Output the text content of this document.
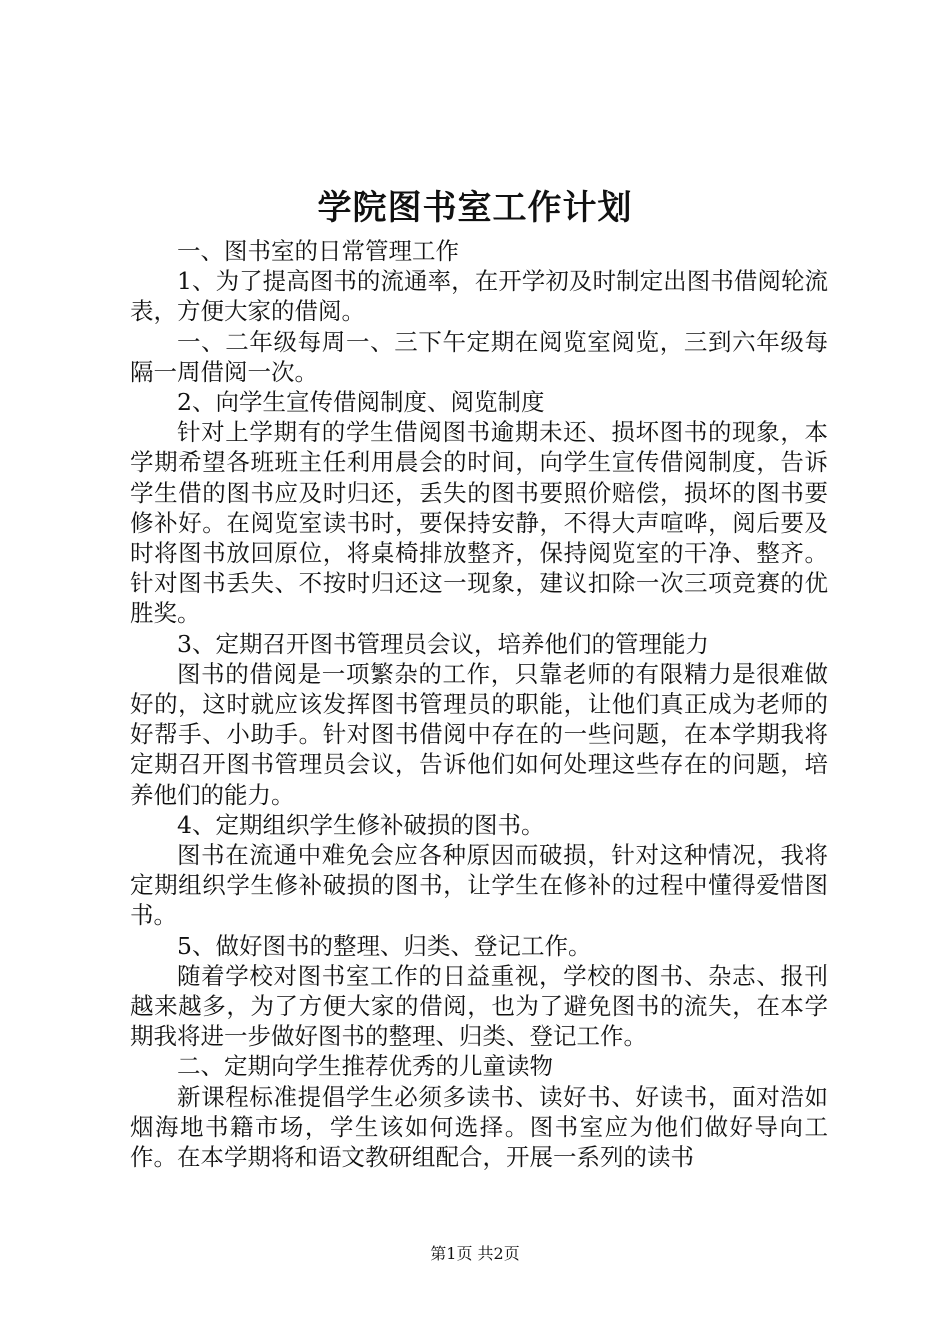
学院图书室工作计划

一、图书室的日常管理工作

1、为了提高图书的流通率，在开学初及时制定出图书借阅轮流表，方便大家的借阅。

一、二年级每周一、三下午定期在阅览室阅览，三到六年级每隔一周借阅一次。

2、向学生宣传借阅制度、阅览制度

针对上学期有的学生借阅图书逾期未还、损坏图书的现象，本学期希望各班班主任利用晨会的时间，向学生宣传借阅制度，告诉学生借的图书应及时归还，丢失的图书要照价赔偿，损坏的图书要修补好。在阅览室读书时，要保持安静，不得大声喧哗，阅后要及时将图书放回原位，将桌椅排放整齐，保持阅览室的干净、整齐。针对图书丢失、不按时归还这一现象，建议扣除一次三项竞赛的优胜奖。

3、定期召开图书管理员会议，培养他们的管理能力

图书的借阅是一项繁杂的工作，只靠老师的有限精力是很难做好的，这时就应该发挥图书管理员的职能，让他们真正成为老师的好帮手、小助手。针对图书借阅中存在的一些问题，在本学期我将定期召开图书管理员会议，告诉他们如何处理这些存在的问题，培养他们的能力。

4、定期组织学生修补破损的图书。

图书在流通中难免会应各种原因而破损，针对这种情况，我将定期组织学生修补破损的图书，让学生在修补的过程中懂得爱惜图书。

5、做好图书的整理、归类、登记工作。

随着学校对图书室工作的日益重视，学校的图书、杂志、报刊越来越多，为了方便大家的借阅，也为了避免图书的流失，在本学期我将进一步做好图书的整理、归类、登记工作。

二、定期向学生推荐优秀的儿童读物

新课程标准提倡学生必须多读书、读好书、好读书，面对浩如烟海地书籍市场，学生该如何选择。图书室应为他们做好导向工作。在本学期将和语文教研组配合，开展一系列的读书

第1页 共2页
